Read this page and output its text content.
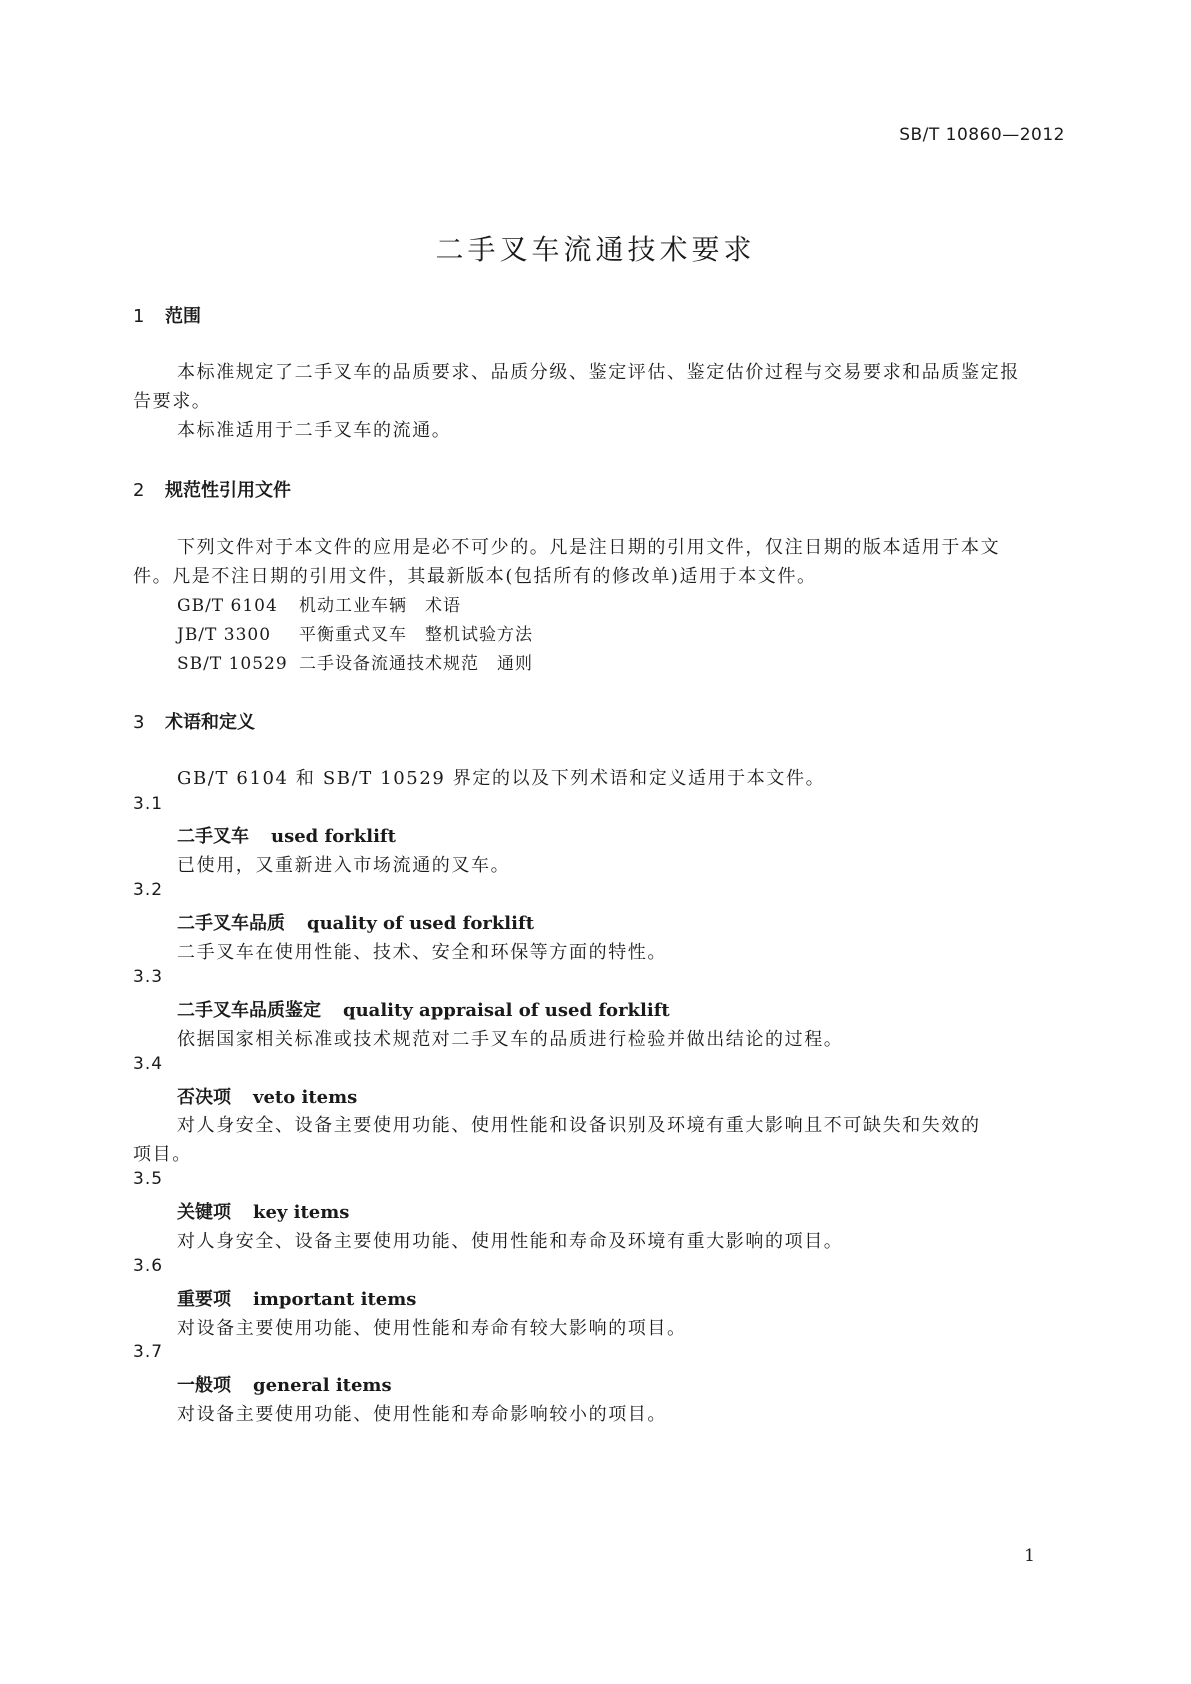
SB/T 10860—2012
二手叉车流通技术要求
1 范围
本标准规定了二手叉车的品质要求、品质分级、鉴定评估、鉴定估价过程与交易要求和品质鉴定报
告要求。
本标准适用于二手叉车的流通。
2 规范性引用文件
下列文件对于本文件的应用是必不可少的。凡是注日期的引用文件，仅注日期的版本适用于本文
件。凡是不注日期的引用文件，其最新版本(包括所有的修改单)适用于本文件。
GB/T 6104 机动工业车辆　术语
JB/T 3300 平衡重式叉车　整机试验方法
SB/T 10529 二手设备流通技术规范　通则
3 术语和定义
GB/T 6104 和 SB/T 10529 界定的以及下列术语和定义适用于本文件。
3.1
二手叉车 used forklift
已使用，又重新进入市场流通的叉车。
3.2
二手叉车品质 quality of used forklift
二手叉车在使用性能、技术、安全和环保等方面的特性。
3.3
二手叉车品质鉴定 quality appraisal of used forklift
依据国家相关标准或技术规范对二手叉车的品质进行检验并做出结论的过程。
3.4
否决项 veto items
对人身安全、设备主要使用功能、使用性能和设备识别及环境有重大影响且不可缺失和失效的
项目。
3.5
关键项 key items
对人身安全、设备主要使用功能、使用性能和寿命及环境有重大影响的项目。
3.6
重要项 important items
对设备主要使用功能、使用性能和寿命有较大影响的项目。
3.7
一般项 general items
对设备主要使用功能、使用性能和寿命影响较小的项目。
1
